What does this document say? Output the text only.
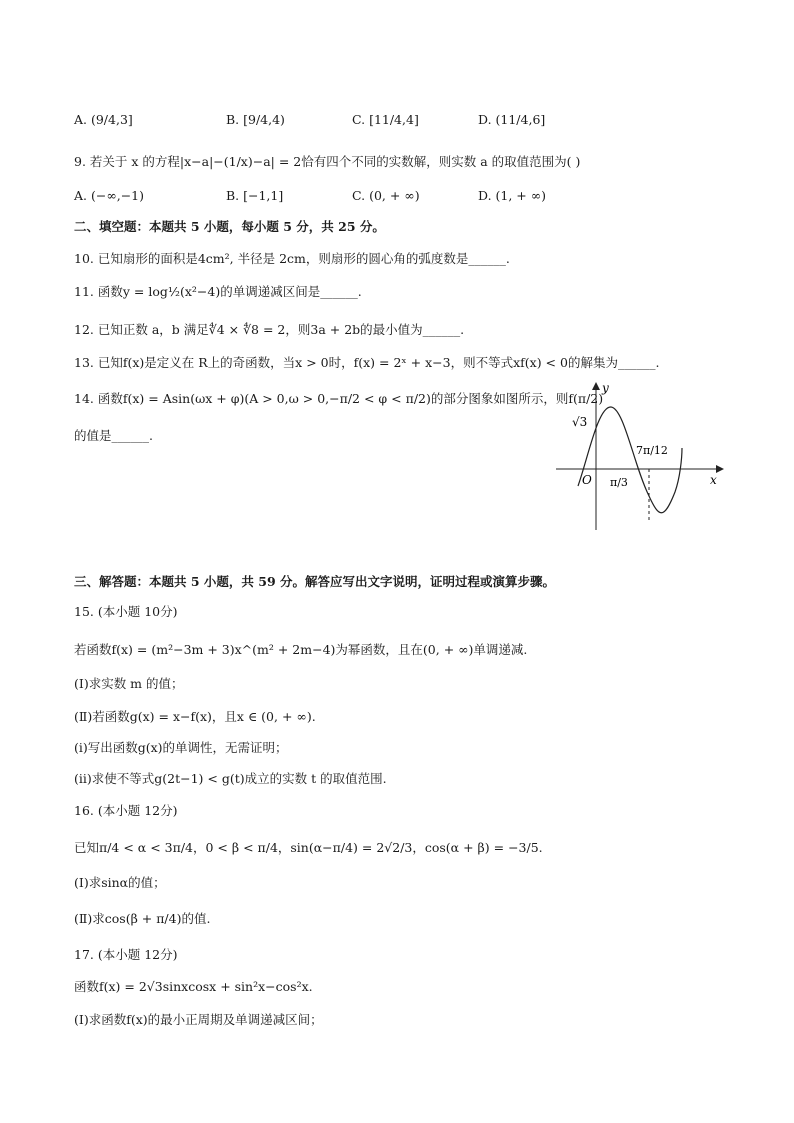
A. (9/4,3]	B. [9/4,4)	C. [11/4,4]	D. (11/4,6]
9. 若关于 x 的方程|x−a|−(1/x)−a| = 2恰有四个不同的实数解，则实数 a 的取值范围为( )
A. (−∞,−1)	B. [−1,1]	C. (0, + ∞)	D. (1, + ∞)
二、填空题：本题共 5 小题，每小题 5 分，共 25 分。
10. 已知扇形的面积是4cm², 半径是 2cm，则扇形的圆心角的弧度数是______.
11. 函数y = log½(x²−4)的单调递减区间是______.
12. 已知正数 a，b 满足∜4 × ∜8 = 2，则3a + 2b的最小值为______.
13. 已知f(x)是定义在 R上的奇函数，当x > 0时，f(x) = 2ˣ + x−3，则不等式xf(x) < 0的解集为______.
14. 函数f(x) = Asin(ωx + φ)(A > 0,ω > 0,−π/2 < φ < π/2)的部分图象如图所示，则f(π/2)
的值是______.
y
x
O
√3
π/3
7π/12
三、解答题：本题共 5 小题，共 59 分。解答应写出文字说明，证明过程或演算步骤。
15. (本小题 10分)
若函数f(x) = (m²−3m + 3)x^(m² + 2m−4)为幂函数，且在(0, + ∞)单调递减.
(Ⅰ)求实数 m 的值；
(Ⅱ)若函数g(x) = x−f(x)，且x ∈ (0, + ∞).
(i)写出函数g(x)的单调性，无需证明；
(ii)求使不等式g(2t−1) < g(t)成立的实数 t 的取值范围.
16. (本小题 12分)
已知π/4 < α < 3π/4，0 < β < π/4，sin(α−π/4) = 2√2/3，cos(α + β) = −3/5.
(Ⅰ)求sinα的值；
(Ⅱ)求cos(β + π/4)的值.
17. (本小题 12分)
函数f(x) = 2√3sinxcosx + sin²x−cos²x.
(Ⅰ)求函数f(x)的最小正周期及单调递减区间；
